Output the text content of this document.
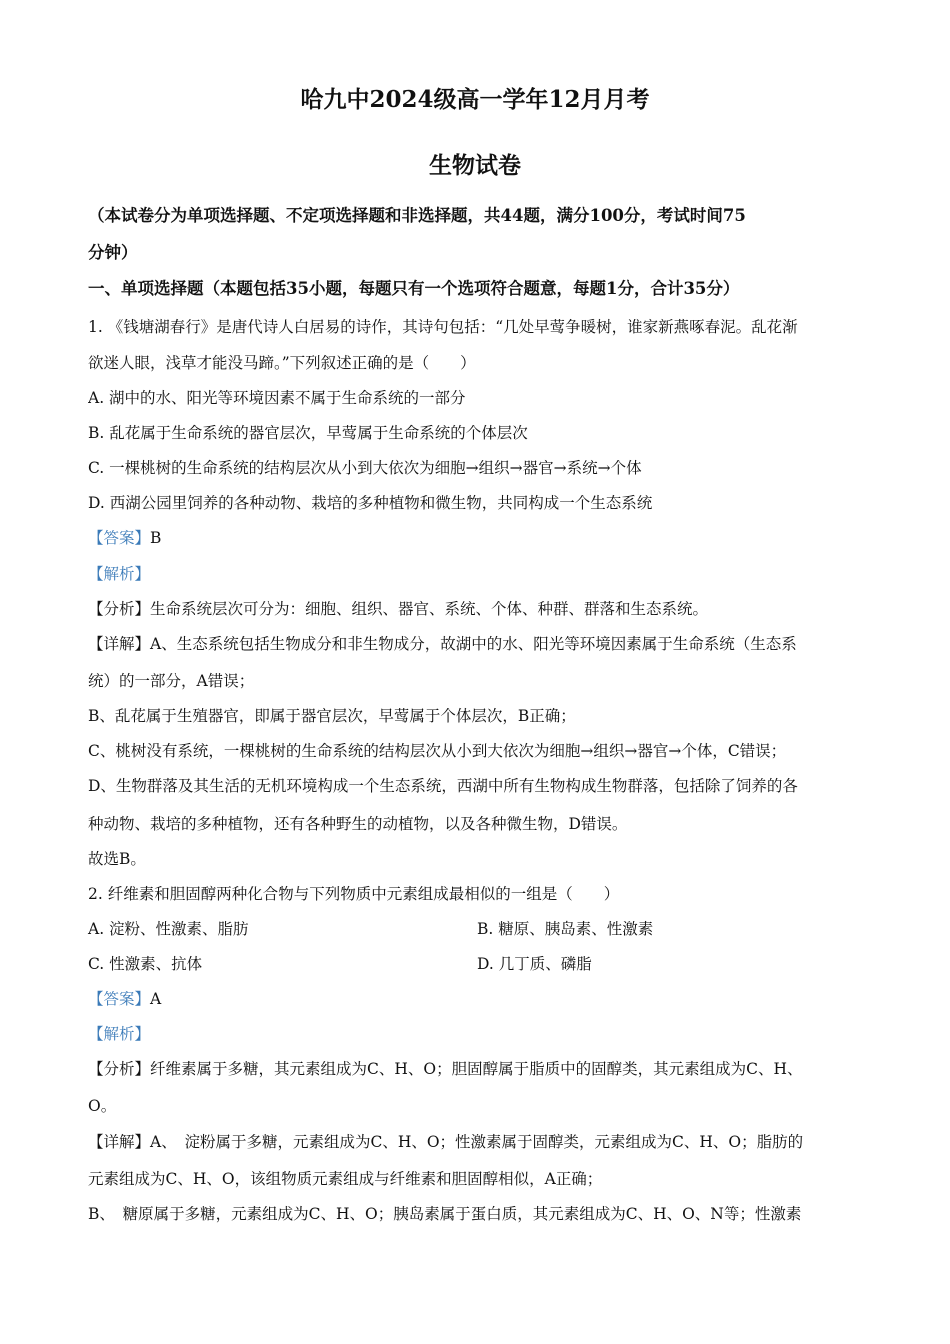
哈九中2024级高一学年12月月考
生物试卷
（本试卷分为单项选择题、不定项选择题和非选择题，共44题，满分100分，考试时间75
分钟）
一、单项选择题（本题包括35小题，每题只有一个选项符合题意，每题1分，合计35分）
1. 《钱塘湖春行》是唐代诗人白居易的诗作，其诗句包括：“几处早莺争暖树，谁家新燕啄春泥。乱花渐
欲迷人眼，浅草才能没马蹄。”下列叙述正确的是（　　）
A. 湖中的水、阳光等环境因素不属于生命系统的一部分
B. 乱花属于生命系统的器官层次，早莺属于生命系统的个体层次
C. 一棵桃树的生命系统的结构层次从小到大依次为细胞→组织→器官→系统→个体
D. 西湖公园里饲养的各种动物、栽培的多种植物和微生物，共同构成一个生态系统
【答案】B
【解析】
【分析】生命系统层次可分为：细胞、组织、器官、系统、个体、种群、群落和生态系统。
【详解】A、生态系统包括生物成分和非生物成分，故湖中的水、阳光等环境因素属于生命系统（生态系
统）的一部分，A错误；
B、乱花属于生殖器官，即属于器官层次，早莺属于个体层次，B正确；
C、桃树没有系统，一棵桃树的生命系统的结构层次从小到大依次为细胞→组织→器官→个体，C错误；
D、生物群落及其生活的无机环境构成一个生态系统，西湖中所有生物构成生物群落，包括除了饲养的各
种动物、栽培的多种植物，还有各种野生的动植物，以及各种微生物，D错误。
故选B。
2. 纤维素和胆固醇两种化合物与下列物质中元素组成最相似的一组是（　　）
A. 淀粉、性激素、脂肪	B. 糖原、胰岛素、性激素
C. 性激素、抗体	D. 几丁质、磷脂
【答案】A
【解析】
【分析】纤维素属于多糖，其元素组成为C、H、O；胆固醇属于脂质中的固醇类，其元素组成为C、H、
O。
【详解】A、　淀粉属于多糖，元素组成为C、H、O；性激素属于固醇类，元素组成为C、H、O；脂肪的
元素组成为C、H、O，该组物质元素组成与纤维素和胆固醇相似，A正确；
B、　糖原属于多糖，元素组成为C、H、O；胰岛素属于蛋白质，其元素组成为C、H、O、N等；性激素
